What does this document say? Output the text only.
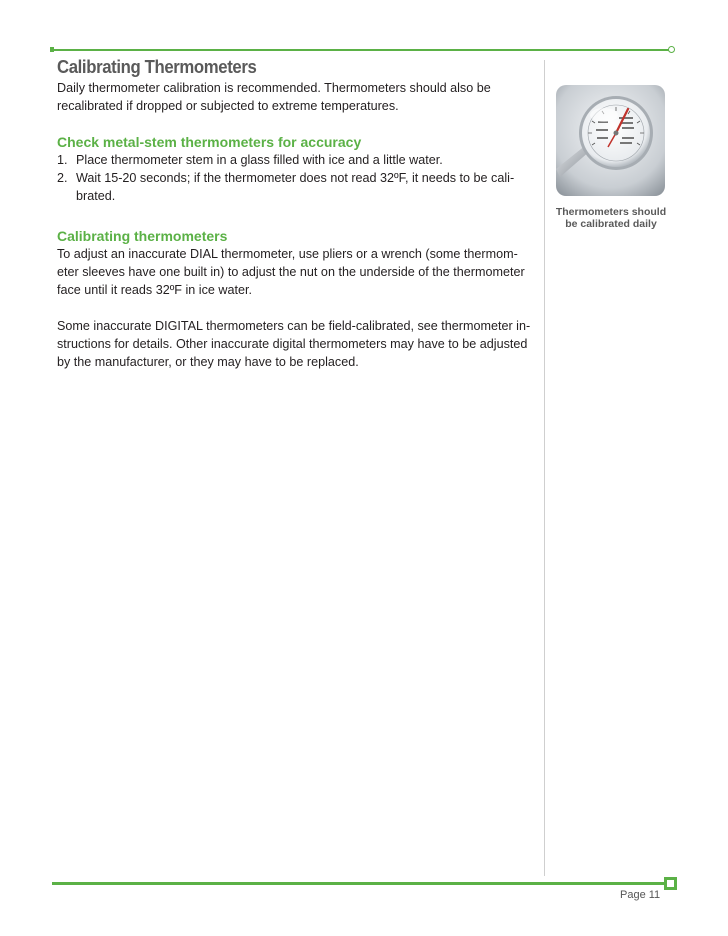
Calibrating Thermometers

Daily thermometer calibration is recommended. Thermometers should also be recalibrated if dropped or subjected to extreme temperatures.

Check metal-stem thermometers for accuracy
1. Place thermometer stem in a glass filled with ice and a little water.
2. Wait 15-20 seconds; if the thermometer does not read 32ºF, it needs to be cali-brated.
Calibrating thermometers

To adjust an inaccurate DIAL thermometer, use pliers or a wrench (some thermom-eter sleeves have one built in) to adjust the nut on the underside of the thermometer face until it reads 32ºF in ice water.

Some inaccurate DIGITAL thermometers can be field-calibrated, see thermometer in-structions for details. Other inaccurate digital thermometers may have to be adjusted by the manufacturer, or they may have to be replaced.

Thermometers should be calibrated daily
Page 11
